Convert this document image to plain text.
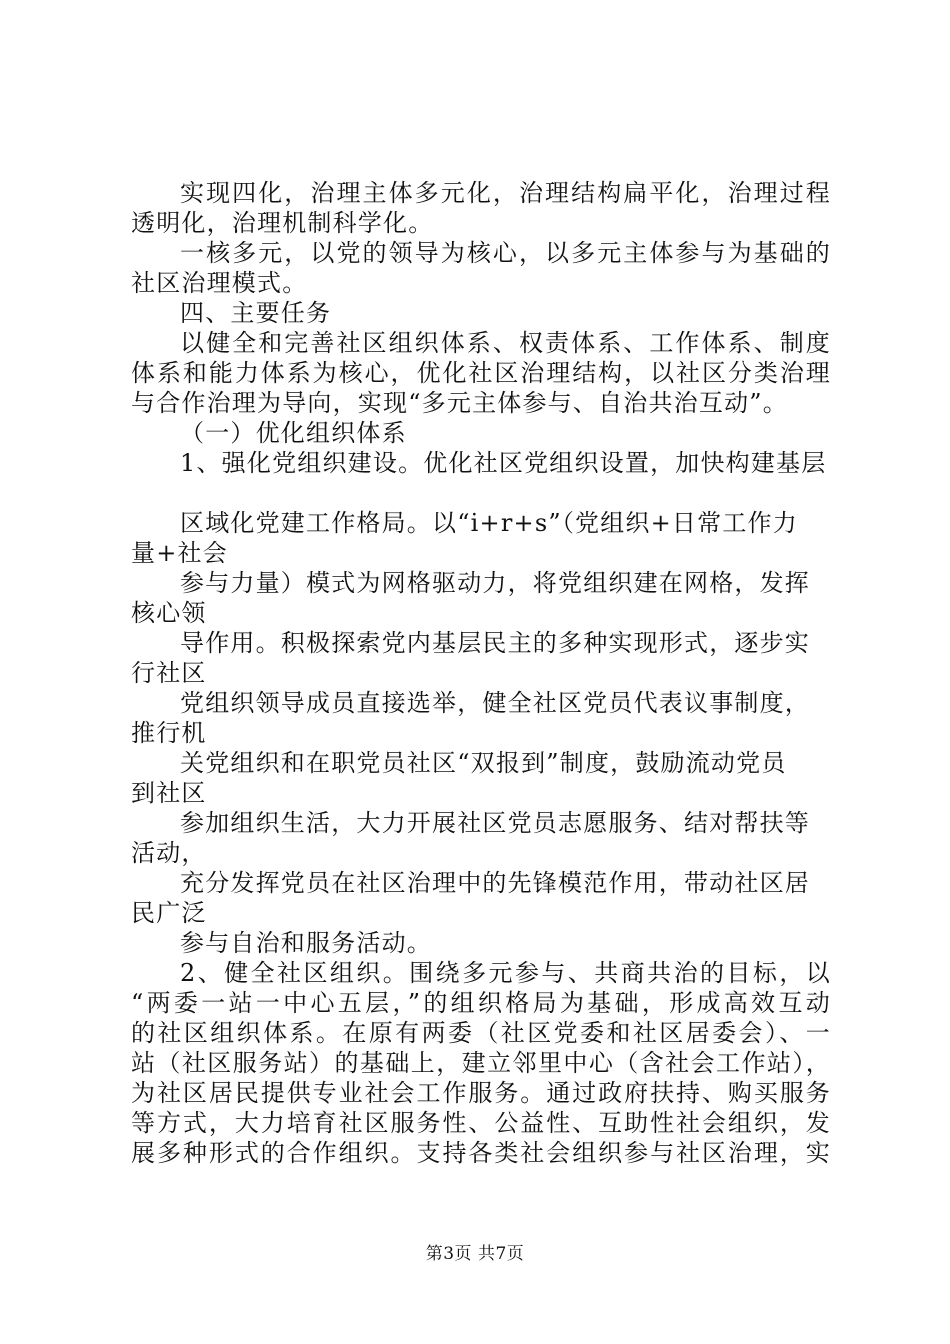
实现四化，治理主体多元化，治理结构扁平化，治理过程
透明化，治理机制科学化。
一核多元，以党的领导为核心，以多元主体参与为基础的
社区治理模式。
四、主要任务
以健全和完善社区组织体系、权责体系、工作体系、制度
体系和能力体系为核心，优化社区治理结构，以社区分类治理
与合作治理为导向，实现“多元主体参与、自治共治互动”。
（一）优化组织体系
1、强化党组织建设。优化社区党组织设置，加快构建基层
区域化党建工作格局。以“i+r+s”（党组织+日常工作力
量+社会
参与力量）模式为网格驱动力，将党组织建在网格，发挥
核心领
导作用。积极探索党内基层民主的多种实现形式，逐步实
行社区
党组织领导成员直接选举，健全社区党员代表议事制度，
推行机
关党组织和在职党员社区“双报到”制度，鼓励流动党员
到社区
参加组织生活，大力开展社区党员志愿服务、结对帮扶等
活动，
充分发挥党员在社区治理中的先锋模范作用，带动社区居
民广泛
参与自治和服务活动。
2、健全社区组织。围绕多元参与、共商共治的目标，以
“两委一站一中心五层，”的组织格局为基础，形成高效互动
的社区组织体系。在原有两委（社区党委和社区居委会）、一
站（社区服务站）的基础上，建立邻里中心（含社会工作站），
为社区居民提供专业社会工作服务。通过政府扶持、购买服务
等方式，大力培育社区服务性、公益性、互助性社会组织，发
展多种形式的合作组织。支持各类社会组织参与社区治理，实
第3页 共7页
